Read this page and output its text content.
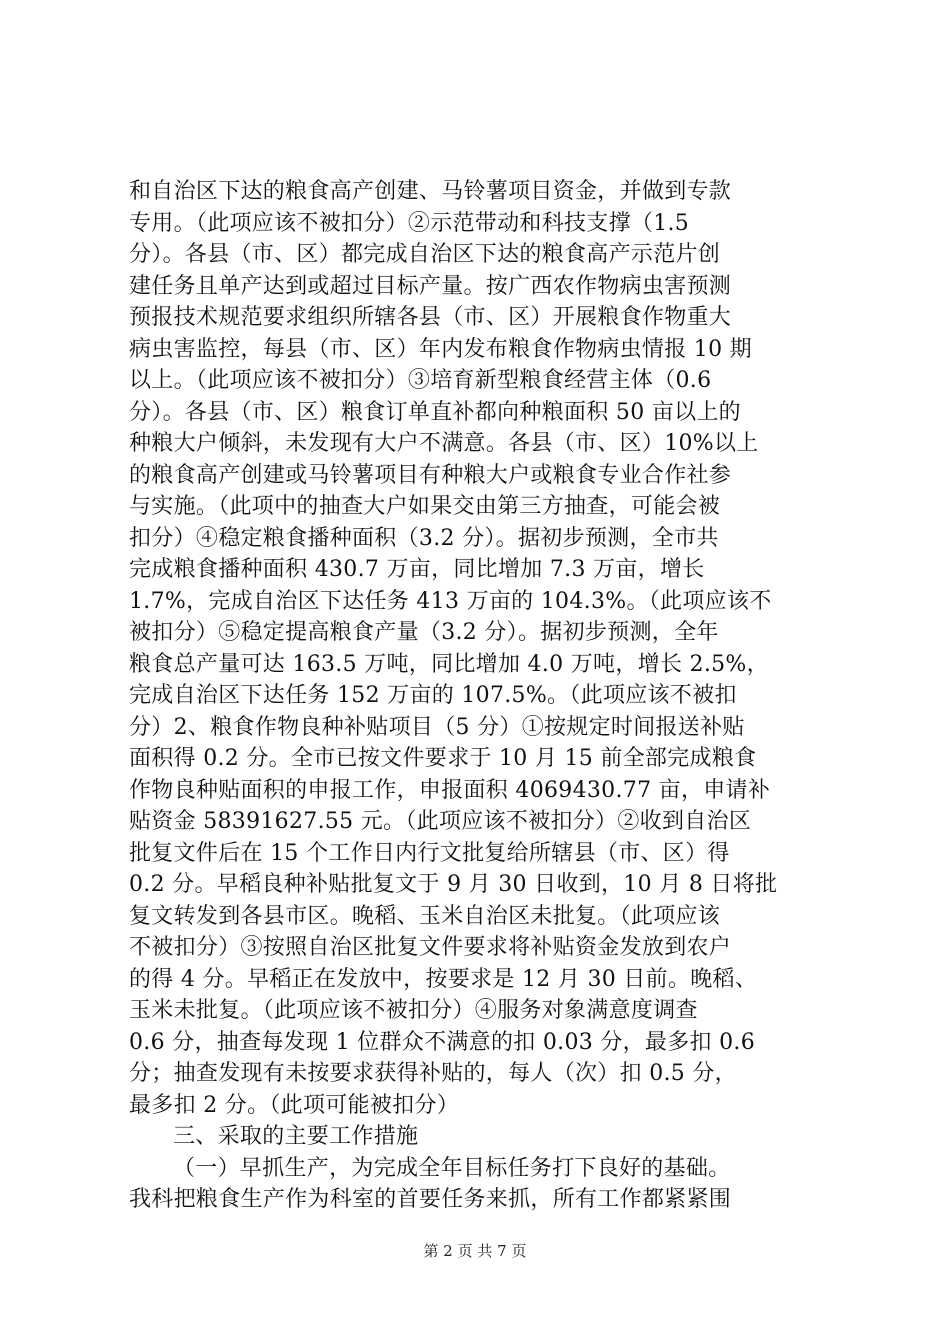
和自治区下达的粮食高产创建、马铃薯项目资金，并做到专款
专用。（此项应该不被扣分）②示范带动和科技支撑（1.5
分）。各县（市、区）都完成自治区下达的粮食高产示范片创
建任务且单产达到或超过目标产量。按广西农作物病虫害预测
预报技术规范要求组织所辖各县（市、区）开展粮食作物重大
病虫害监控，每县（市、区）年内发布粮食作物病虫情报 10 期
以上。（此项应该不被扣分）③培育新型粮食经营主体（0.6
分）。各县（市、区）粮食订单直补都向种粮面积 50 亩以上的
种粮大户倾斜，未发现有大户不满意。各县（市、区）10%以上
的粮食高产创建或马铃薯项目有种粮大户或粮食专业合作社参
与实施。（此项中的抽查大户如果交由第三方抽查，可能会被
扣分）④稳定粮食播种面积（3.2 分）。据初步预测，全市共
完成粮食播种面积 430.7 万亩，同比增加 7.3 万亩，增长
1.7%，完成自治区下达任务 413 万亩的 104.3%。（此项应该不
被扣分）⑤稳定提高粮食产量（3.2 分）。据初步预测，全年
粮食总产量可达 163.5 万吨，同比增加 4.0 万吨，增长 2.5%，
完成自治区下达任务 152 万亩的 107.5%。（此项应该不被扣
分）2、粮食作物良种补贴项目（5 分）①按规定时间报送补贴
面积得 0.2 分。全市已按文件要求于 10 月 15 前全部完成粮食
作物良种贴面积的申报工作，申报面积 4069430.77 亩，申请补
贴资金 58391627.55 元。（此项应该不被扣分）②收到自治区
批复文件后在 15 个工作日内行文批复给所辖县（市、区）得
0.2 分。早稻良种补贴批复文于 9 月 30 日收到，10 月 8 日将批
复文转发到各县市区。晚稻、玉米自治区未批复。（此项应该
不被扣分）③按照自治区批复文件要求将补贴资金发放到农户
的得 4 分。早稻正在发放中，按要求是 12 月 30 日前。晚稻、
玉米未批复。（此项应该不被扣分）④服务对象满意度调查
0.6 分，抽查每发现 1 位群众不满意的扣 0.03 分，最多扣 0.6
分；抽查发现有未按要求获得补贴的，每人（次）扣 0.5 分，
最多扣 2 分。（此项可能被扣分）
三、采取的主要工作措施
（一）早抓生产，为完成全年目标任务打下良好的基础。
我科把粮食生产作为科室的首要任务来抓，所有工作都紧紧围
第 2 页 共 7 页
